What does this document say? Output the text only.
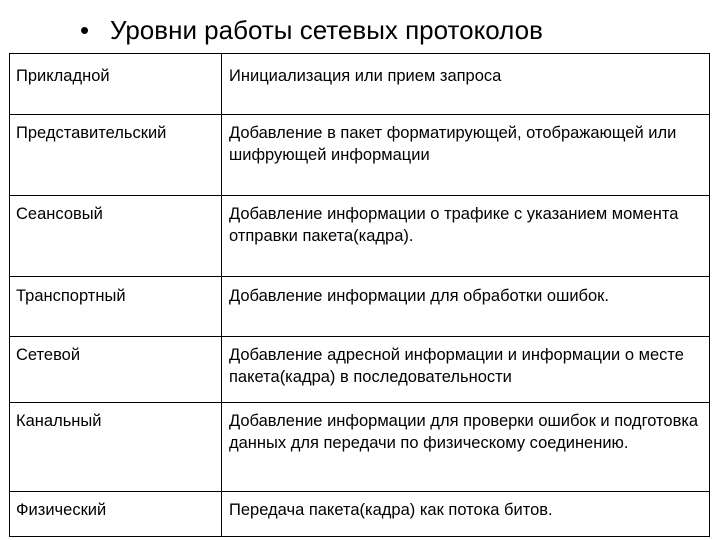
• Уровни работы сетевых протоколов
Прикладной	Инициализация или прием запроса
Представительский	Добавление в пакет форматирующей, отображающей или шифрующей информации
Сеансовый	Добавление информации о трафике с указанием момента отправки пакета(кадра).
Транспортный	Добавление информации для обработки ошибок.
Сетевой	Добавление адресной информации и информации о месте пакета(кадра) в последовательности
Канальный	Добавление информации для проверки ошибок и подготовка данных для передачи по физическому соединению.
Физический	Передача пакета(кадра) как потока битов.
